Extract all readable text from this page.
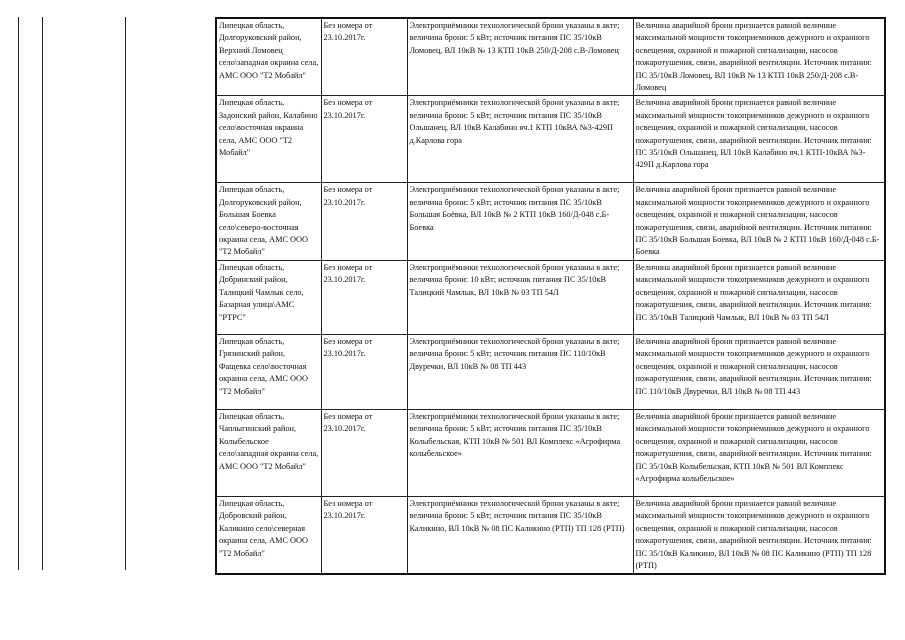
Липецкая область, Долгоруковский район, Верхний Ломовец село\западная окраина села, АМС ООО "Т2 Мобайл"	Без номера от 23.10.2017г.	Электроприёмники технологической брони указаны в акте; величина брони: 5 кВт; источник питания ПС 35/10кВ Ломовец, ВЛ 10кВ № 13 КТП 10кВ 250/Д-208 с.В-Ломовец	Величина аварийной брони признается равной величине максимальной мощности токоприемников дежурного и охранного освещения, охранной и пожарной сигнализации, насосов пожаротушения, связи, аварийной вентиляции. Источник питания: ПС 35/10кВ Ломовец, ВЛ 10кВ № 13 КТП 10кВ 250/Д-208 с.В-Ломовец
Липецкая область, Задонский район, Калабино село\восточная окраина села, АМС ООО "Т2 Мобайл"	Без номера от 23.10.2017г.	Электроприёмники технологической брони указаны в акте; величина брони: 5 кВт; источник питания ПС 35/10кВ Ольшанец, ВЛ 10кВ Калабино яч.1 КТП 10кВА №3-429П д.Карлова гора	Величина аварийной брони признается равной величине максимальной мощности токоприемников дежурного и охранного освещения, охранной и пожарной сигнализации, насосов пожаротушения, связи, аварийной вентиляции. Источник питания: ПС 35/10кВ Ольшанец, ВЛ 10кВ Калабино яч.1 КТП-10кВА №3-429П д.Карлова гора
Липецкая область, Долгоруковский район, Большая Боевка село\северо-восточная окраина села, АМС ООО "Т2 Мобайл"	Без номера от 23.10.2017г.	Электроприёмники технологической брони указаны в акте; величина брони: 5 кВт; источник питания ПС 35/10кВ Большая Боёвка, ВЛ 10кВ № 2 КТП 10кВ 160/Д-048 с.Б-Боевка	Величина аварийной брони признается равной величине максимальной мощности токоприемников дежурного и охранного освещения, охранной и пожарной сигнализации, насосов пожаротушения, связи, аварийной вентиляции. Источник питания: ПС 35/10кВ Большая Боевка, ВЛ 10кВ № 2 КТП 10кВ 160/Д-048 с.Б-Боевка
Липецкая область, Добринский район, Талицкий Чамлык село, Базарная улица\АМС "РТРС"	Без номера от 23.10.2017г.	Электроприёмники технологической брони указаны в акте; величина брони: 10 кВт; источник питания ПС 35/10кВ Талицкий Чамлык, ВЛ 10кВ № 03 ТП 54Л	Величина аварийной брони признается равной величине максимальной мощности токоприемников дежурного и охранного освещения, охранной и пожарной сигнализации, насосов пожаротушения, связи, аварийной вентиляции. Источник питания: ПС 35/10кВ Талицкий Чамлык, ВЛ 10кВ № 03 ТП 54Л
Липецкая область, Грязинский район, Фащевка село\восточная окраина села, АМС ООО "Т2 Мобайл"	Без номера от 23.10.2017г.	Электроприёмники технологической брони указаны в акте; величина брони: 5 кВт; источник питания ПС 110/10кВ Двуречки, ВЛ 10кВ № 08 ТП 443	Величина аварийной брони признается равной величине максимальной мощности токоприемников дежурного и охранного освещения, охранной и пожарной сигнализации, насосов пожаротушения, связи, аварийной вентиляции. Источник питания: ПС 110/10кВ Двуречки, ВЛ 10кВ № 08 ТП 443
Липецкая область, Чаплыгинский район, Колыбельское село\западная окраина села, АМС ООО "Т2 Мобайл"	Без номера от 23.10.2017г.	Электроприёмники технологической брони указаны в акте; величина брони: 5 кВт; источник питания ПС 35/10кВ Колыбельская, КТП 10кВ № 501 ВЛ Комплекс «Агрофирма колыбельское»	Величина аварийной брони признается равной величине максимальной мощности токоприемников дежурного и охранного освещения, охранной и пожарной сигнализации, насосов пожаротушения, связи, аварийной вентиляции. Источник питания: ПС 35/10кВ Колыбельская, КТП 10кВ № 501 ВЛ Комплекс «Агрофирма колыбельское»
Липецкая область, Добровский район, Каликино село\северная окраина села, АМС ООО "Т2 Мобайл"	Без номера от 23.10.2017г.	Электроприёмники технологической брони указаны в акте; величина брони: 5 кВт; источник питания ПС 35/10кВ Каликино, ВЛ 10кВ № 08 ПС Каликино (РТП) ТП 128 (РТП)	Величина аварийной брони признается равной величине максимальной мощности токоприемников дежурного и охранного освещения, охранной и пожарной сигнализации, насосов пожаротушения, связи, аварийной вентиляции. Источник питания: ПС 35/10кВ Каликино, ВЛ 10кВ № 08 ПС Каликино (РТП) ТП 128 (РТП)
